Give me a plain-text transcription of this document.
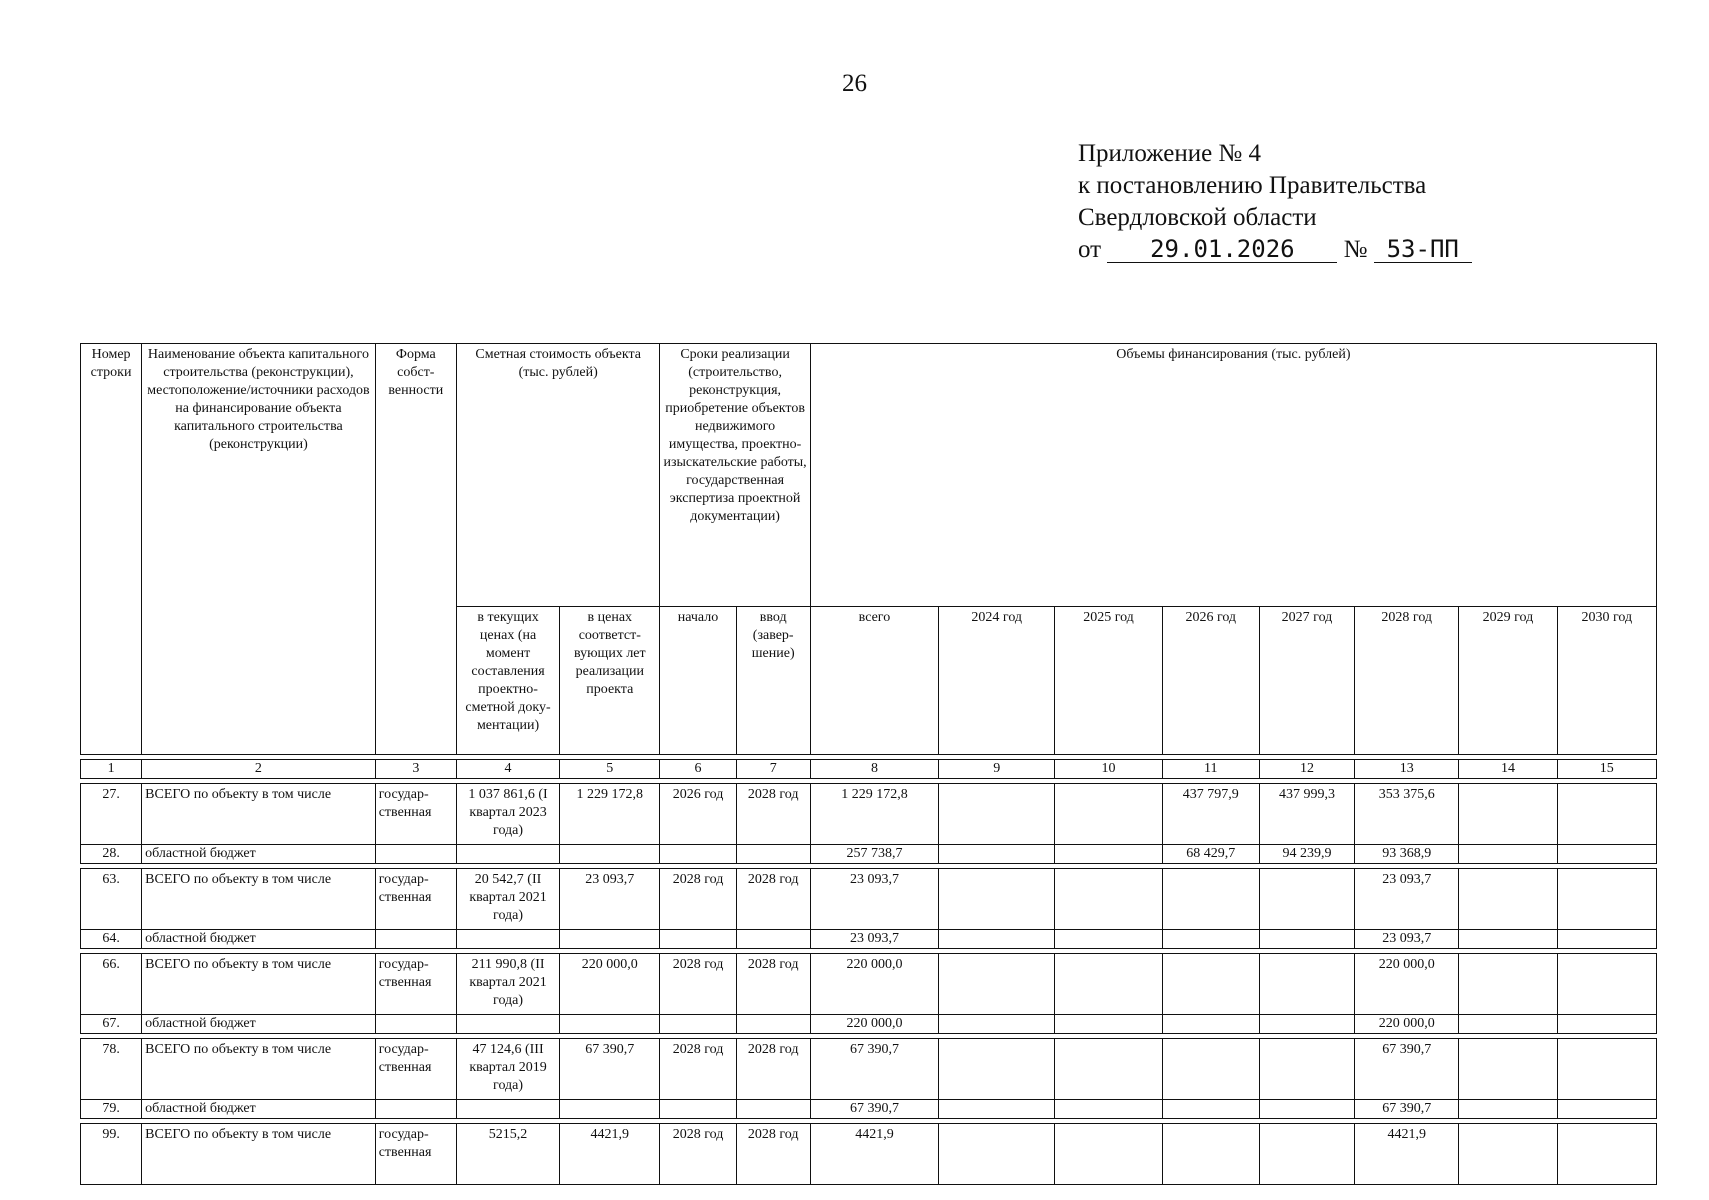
26
Приложение № 4
к постановлению Правительства
Свердловской области
от 29.01.2026 № 53-ПП
Номер строки	Наименование объекта капитального строительства (реконструкции), местоположение/источники расходов на финансирование объекта капитального строительства (реконструкции)	Форма собст- венности	Сметная стоимость объекта (тыс. рублей)		Сроки реализации (строительство, реконструкция, приобретение объектов недвижимого имущества, проектно- изыскательские работы, государственная экспертиза проектной документации)		Объемы финансирования (тыс. рублей)							
			в текущих ценах (на момент составления проектно- сметной доку- ментации)	в ценах соответст- вующих лет реализации проекта	начало	ввод (завер- шение)	всего	2024 год	2025 год	2026 год	2027 год	2028 год	2029 год	2030 год

1	2	3	4	5	6	7	8	9	10	11	12	13	14	15

27.	ВСЕГО по объекту в том числе	государ- ственная	1 037 861,6 (I квартал 2023 года)	1 229 172,8	2026 год	2028 год	1 229 172,8			437 797,9	437 999,3	353 375,6		
28.	областной бюджет						257 738,7			68 429,7	94 239,9	93 368,9		

63.	ВСЕГО по объекту в том числе	государ- ственная	20 542,7 (II квартал 2021 года)	23 093,7	2028 год	2028 год	23 093,7					23 093,7		
64.	областной бюджет						23 093,7					23 093,7		

66.	ВСЕГО по объекту в том числе	государ- ственная	211 990,8 (II квартал 2021 года)	220 000,0	2028 год	2028 год	220 000,0					220 000,0		
67.	областной бюджет						220 000,0					220 000,0		

78.	ВСЕГО по объекту в том числе	государ- ственная	47 124,6 (III квартал 2019 года)	67 390,7	2028 год	2028 год	67 390,7					67 390,7		
79.	областной бюджет						67 390,7					67 390,7		

99.	ВСЕГО по объекту в том числе	государ- ственная	5215,2	4421,9	2028 год	2028 год	4421,9					4421,9		
